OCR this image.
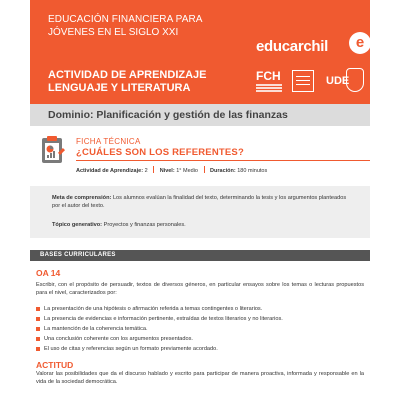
EDUCACIÓN FINANCIERA PARA
JÓVENES EN EL SIGLO XXI
ACTIVIDAD DE APRENDIZAJE
LENGUAJE Y LITERATURA
educarchil	e
FCH	UDE
Dominio: Planificación y gestión de las finanzas
FICHA TÉCNICA
¿CUÁLES SON LOS REFERENTES?
Actividad de Aprendizaje: 2 Nivel: 1° Medio Duración: 180 minutos

Meta de comprensión: Los alumnos evalúan la finalidad del texto, determinando la tesis y los argumentos planteados por el autor del texto.

Tópico generativo: Proyectos y finanzas personales.

BASES CURRICULARES
OA 14
Escribir, con el propósito de persuadir, textos de diversos géneros, en particular ensayos sobre los temas o lecturas propuestos para el nivel, caracterizados por:
La presentación de una hipótesis o afirmación referida a temas contingentes o literarios.
La presencia de evidencias e información pertinente, extraídas de textos literarios y no literarios.
La mantención de la coherencia temática.
Una conclusión coherente con los argumentos presentados.
El uso de citas y referencias según un formato previamente acordado.
ACTITUD
Valorar las posibilidades que da el discurso hablado y escrito para participar de manera proactiva, informada y responsable en la vida de la sociedad democrática.
